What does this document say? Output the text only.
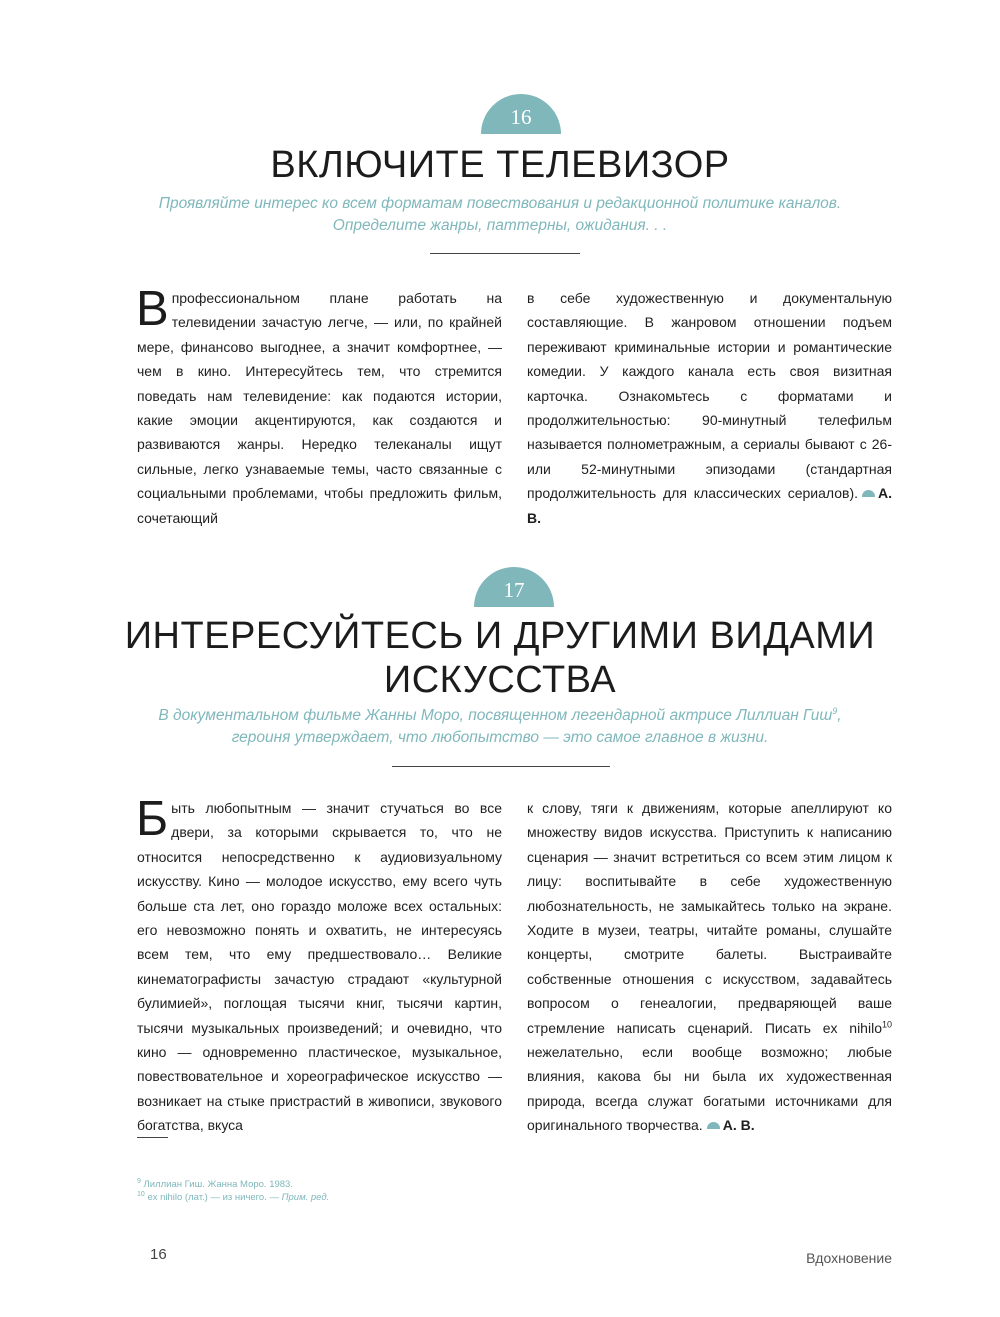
16
ВКЛЮЧИТЕ ТЕЛЕВИЗОР
Проявляйте интерес ко всем форматам повествования и редакционной политике каналов.
Определите жанры, паттерны, ожидания. . .

В профессиональном плане работать на телевидении зачастую легче, — или, по крайней мере, финансово выгоднее, а значит комфортнее, — чем в кино. Интересуйтесь тем, что стремится поведать нам телевидение: как подаются истории, какие эмоции акцентируются, как создаются и развиваются жанры. Нередко телеканалы ищут сильные, легко узнаваемые темы, часто связанные с социальными проблемами, чтобы предложить фильм, сочетающий

в себе художественную и документальную составляющие. В жанровом отношении подъем переживают криминальные истории и романтические комедии. У каждого канала есть своя визитная карточка. Ознакомьтесь с форматами и продолжительностью: 90-минутный телефильм называется полнометражным, а сериалы бывают с 26- или 52-минутными эпизодами (стандартная продолжительность для классических сериалов). А. В.

17
ИНТЕРЕСУЙТЕСЬ И ДРУГИМИ ВИДАМИ
ИСКУССТВА
В документальном фильме Жанны Моро, посвященном легендарной актрисе Лиллиан Гиш$^9$,
героиня утверждает, что любопытство — это самое главное в жизни.

Быть любопытным — значит стучаться во все двери, за которыми скрывается то, что не относится непосредственно к аудиовизуальному искусству. Кино — молодое искусство, ему всего чуть больше ста лет, оно гораздо моложе всех остальных: его невозможно понять и охватить, не интересуясь всем тем, что ему предшествовало… Великие кинематографисты зачастую страдают «культурной булимией», поглощая тысячи книг, тысячи картин, тысячи музыкальных произведений; и очевидно, что кино — одновременно пластическое, музыкальное, повествовательное и хореографическое искусство — возникает на стыке пристрастий в живописи, звукового богатства, вкуса

к слову, тяги к движениям, которые апеллируют ко множеству видов искусства. Приступить к написанию сценария — значит встретиться со всем этим лицом к лицу: воспитывайте в себе художественную любознательность, не замыкайтесь только на экране. Ходите в музеи, театры, читайте романы, слушайте концерты, смотрите балеты. Выстраивайте собственные отношения с искусством, задавайтесь вопросом о генеалогии, предваряющей ваше стремление написать сценарий. Писать ex nihilo$^{10}$ нежелательно, если вообще возможно; любые влияния, какова бы ни была их художественная природа, всегда служат богатыми источниками для оригинального творчества. А. В.

$^9$ Лиллиан Гиш. Жанна Моро. 1983.
$^{10}$ ex nihilo (лат.) — из ничего. — Прим. ред.
16	Вдохновение
